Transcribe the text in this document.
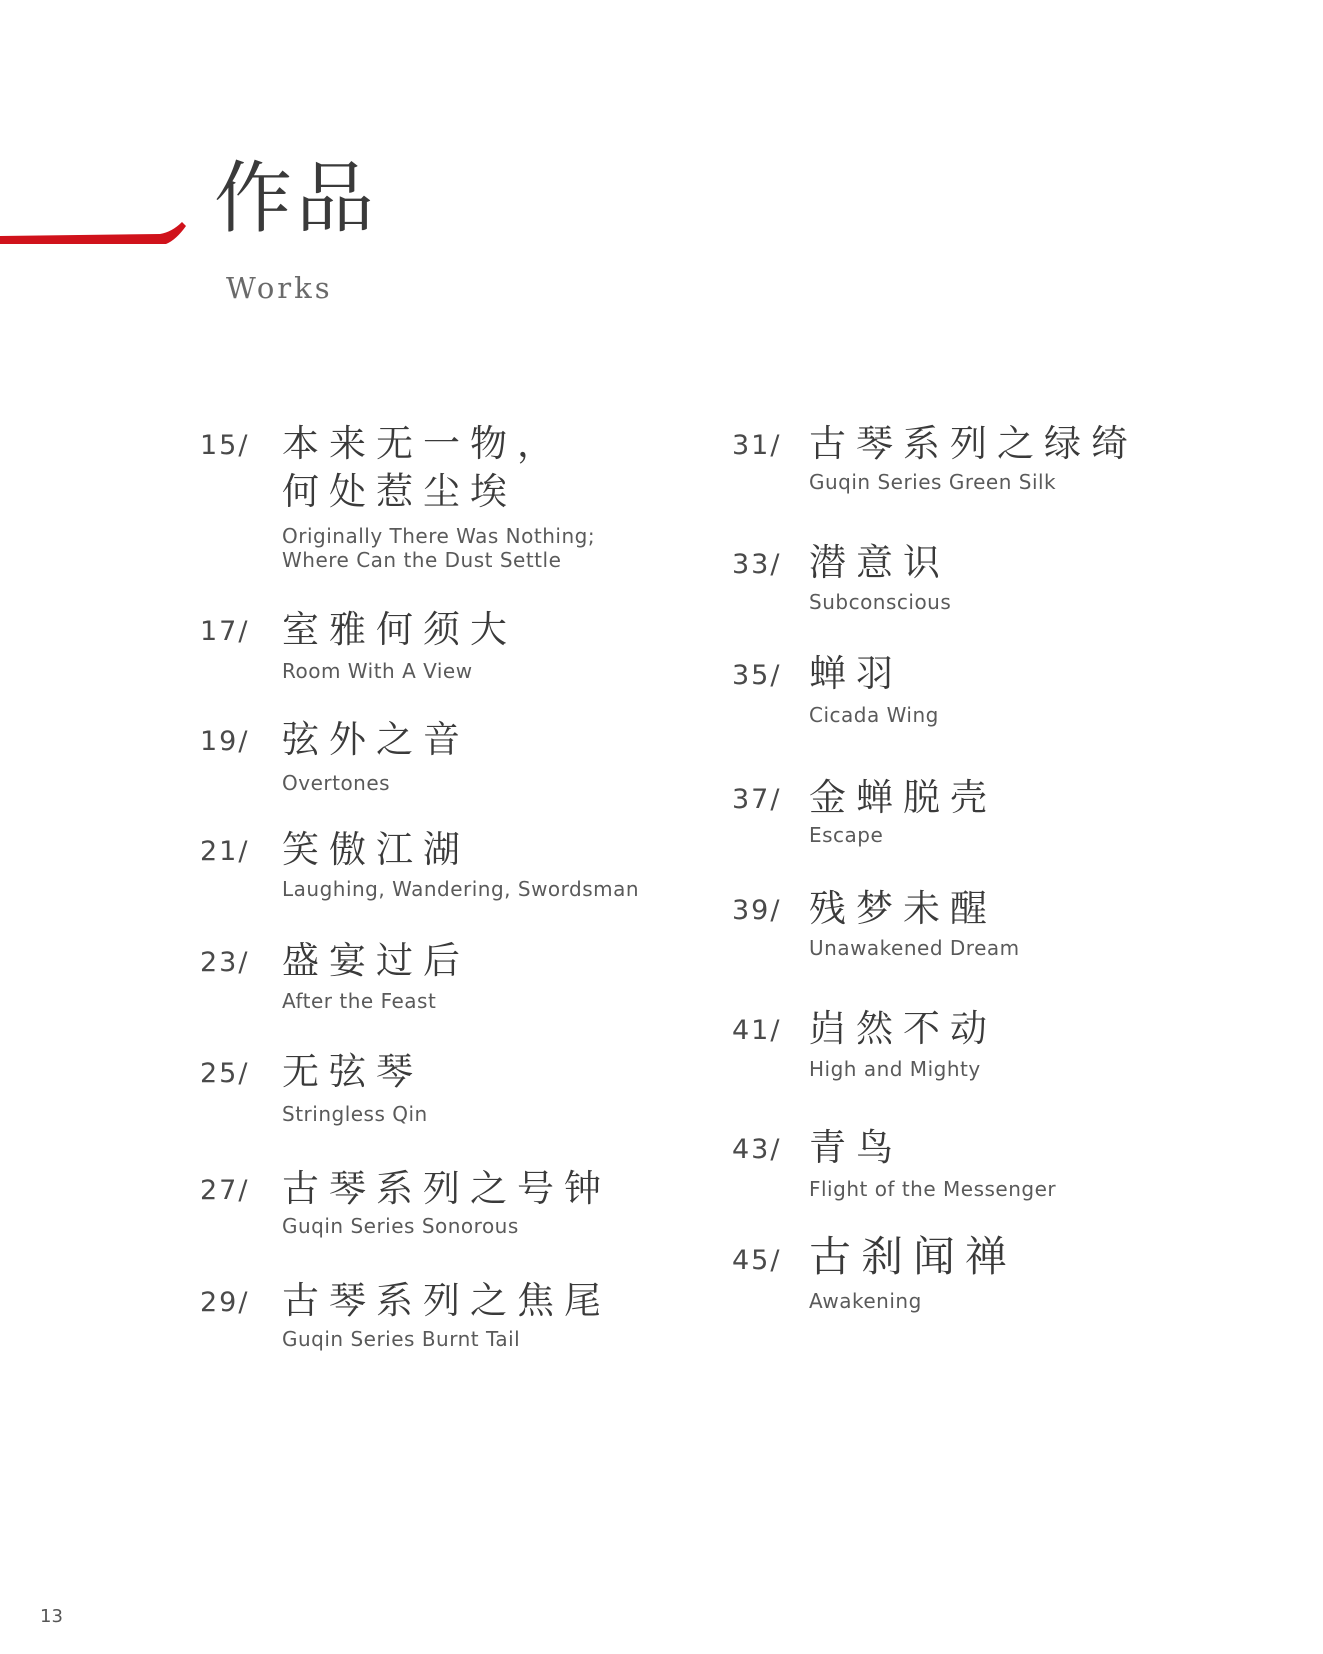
作品
Works
15/ 本来无一物，
何处惹尘埃
Originally There Was Nothing;
Where Can the Dust Settle
17/ 室雅何须大
Room With A View
19/ 弦外之音
Overtones
21/ 笑傲江湖
Laughing, Wandering, Swordsman
23/ 盛宴过后
After the Feast
25/ 无弦琴
Stringless Qin
27/ 古琴系列之号钟
Guqin Series Sonorous
29/ 古琴系列之焦尾
Guqin Series Burnt Tail
31/ 古琴系列之绿绮
Guqin Series Green Silk
33/ 潜意识
Subconscious
35/ 蝉羽
Cicada Wing
37/ 金蝉脱壳
Escape
39/ 残梦未醒
Unawakened Dream
41/ 岿然不动
High and Mighty
43/ 青鸟
Flight of the Messenger
45/ 古刹闻禅
Awakening
13
